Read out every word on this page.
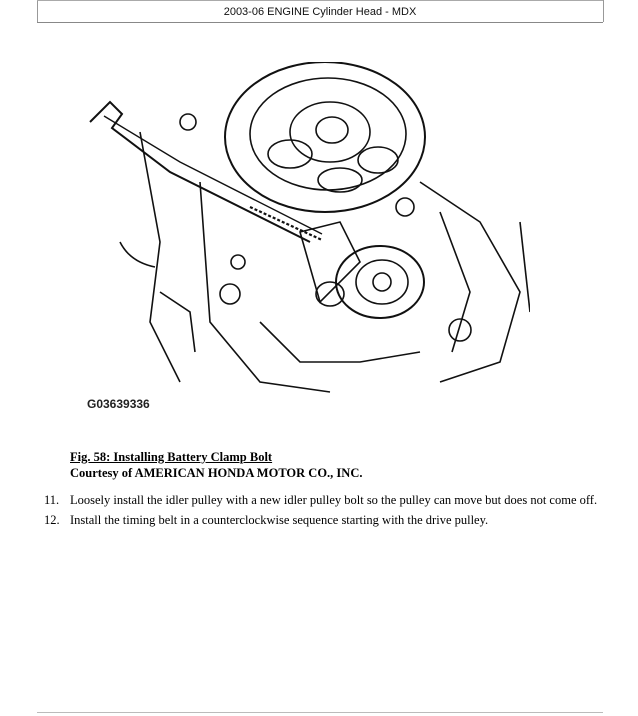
2003-06 ENGINE Cylinder Head - MDX
G03639336
Fig. 58: Installing Battery Clamp Bolt
Courtesy of AMERICAN HONDA MOTOR CO., INC.
11. Loosely install the idler pulley with a new idler pulley bolt so the pulley can move but does not come off.
12. Install the timing belt in a counterclockwise sequence starting with the drive pulley.
